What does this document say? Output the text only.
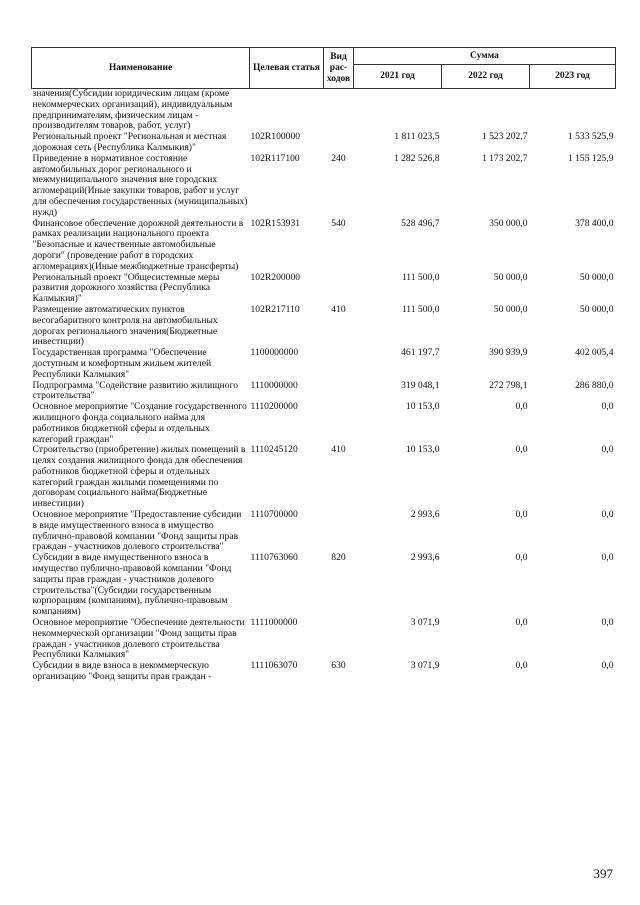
Наименование	Целевая статья	Вид рас-ходов	Сумма		
			2021 год	2022 год	2023 год
значения(Субсидии юридическим лицам (кроме некоммерческих организаций), индивидуальным предпринимателям, физическим лицам - производителям товаров, работ, услуг)					
Региональный проект "Региональная и местная дорожная сеть (Республика Калмыкия)"	102R100000		1 811 023,5	1 523 202,7	1 533 525,9
Приведение в нормативное состояние автомобильных дорог регионального и межмуниципального значения вне городских агломераций(Иные закупки товаров, работ и услуг для обеспечения государственных (муниципальных) нужд)	102R117100	240	1 282 526,8	1 173 202,7	1 155 125,9
Финансовое обеспечение дорожной деятельности в рамках реализации национального проекта "Безопасные и качественные автомобильные дороги" (проведение работ в городских агломерациях)(Иные межбюджетные трансферты)	102R153931	540	528 496,7	350 000,0	378 400,0
Региональный проект "Общесистемные меры развития дорожного хозяйства (Республика Калмыкия)"	102R200000		111 500,0	50 000,0	50 000,0
Размещение автоматических пунктов весогабаритного контроля на автомобильных дорогах регионального значения(Бюджетные инвестиции)	102R217110	410	111 500,0	50 000,0	50 000,0
Государственная программа "Обеспечение доступным и комфортным жильем жителей Республики Калмыкия"	1100000000		461 197,7	390 939,9	402 005,4
Подпрограмма "Содействие развитию жилищного строительства"	1110000000		319 048,1	272 798,1	286 880,0
Основное мероприятие "Создание государственного жилищного фонда социального найма для работников бюджетной сферы и отдельных категорий граждан"	1110200000		10 153,0	0,0	0,0
Строительство (приобретение) жилых помещений в целях создания жилищного фонда для обеспечения работников бюджетной сферы и отдельных категорий граждан жилыми помещениями по договорам социального найма(Бюджетные инвестиции)	1110245120	410	10 153,0	0,0	0,0
Основное мероприятие "Предоставление субсидии в виде имущественного взноса в имущество публично-правовой компании "Фонд защиты прав граждан - участников долевого строительства"	1110700000		2 993,6	0,0	0,0
Субсидии в виде имущественного взноса в имущество публично-правовой компании "Фонд защиты прав граждан - участников долевого строительства"(Субсидии государственным корпорациям (компаниям), публично-правовым компаниям)	1110763060	820	2 993,6	0,0	0,0
Основное мероприятие "Обеспечение деятельности некоммерческой организации "Фонд защиты прав граждан - участников долевого строительства Республики Калмыкия"	1111000000		3 071,9	0,0	0,0
Субсидии в виде взноса в некоммерческую организацию "Фонд защиты прав граждан -	1111063070	630	3 071,9	0,0	0,0
397
